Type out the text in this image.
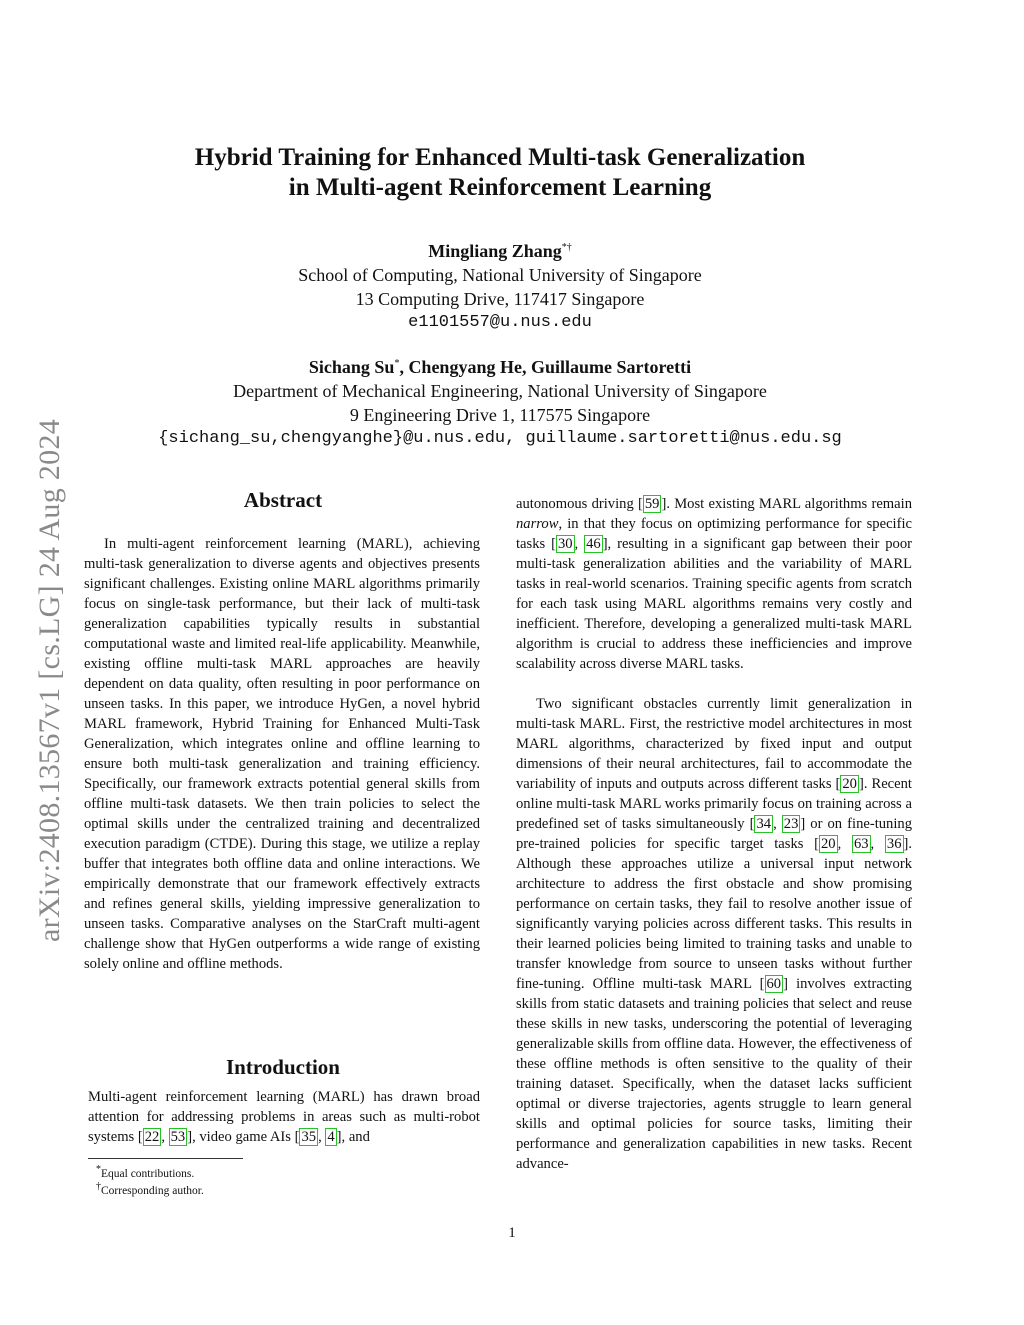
arXiv:2408.13567v1 [cs.LG] 24 Aug 2024
Hybrid Training for Enhanced Multi-task Generalization
in Multi-agent Reinforcement Learning
Mingliang Zhang*†
School of Computing, National University of Singapore
13 Computing Drive, 117417 Singapore
e1101557@u.nus.edu
Sichang Su*, Chengyang He, Guillaume Sartoretti
Department of Mechanical Engineering, National University of Singapore
9 Engineering Drive 1, 117575 Singapore
{sichang_su,chengyanghe}@u.nus.edu, guillaume.sartoretti@nus.edu.sg
Abstract

In multi-agent reinforcement learning (MARL), achieving multi-task generalization to diverse agents and objectives presents significant challenges. Existing online MARL algorithms primarily focus on single-task performance, but their lack of multi-task generalization capabilities typically results in substantial computational waste and limited real-life applicability. Meanwhile, existing offline multi-task MARL approaches are heavily dependent on data quality, often resulting in poor performance on unseen tasks. In this paper, we introduce HyGen, a novel hybrid MARL framework, Hybrid Training for Enhanced Multi-Task Generalization, which integrates online and offline learning to ensure both multi-task generalization and training efficiency. Specifically, our framework extracts potential general skills from offline multi-task datasets. We then train policies to select the optimal skills under the centralized training and decentralized execution paradigm (CTDE). During this stage, we utilize a replay buffer that integrates both offline data and online interactions. We empirically demonstrate that our framework effectively extracts and refines general skills, yielding impressive generalization to unseen tasks. Comparative analyses on the StarCraft multi-agent challenge show that HyGen outperforms a wide range of existing solely online and offline methods.

Introduction

Multi-agent reinforcement learning (MARL) has drawn broad attention for addressing problems in areas such as multi-robot systems [ 22 , 53 ], video game AIs [ 35 , 4 ], and

*Equal contributions.
†Corresponding author.

autonomous driving [ 59 ]. Most existing MARL algorithms remain narrow, in that they focus on optimizing performance for specific tasks [ 30 , 46 ], resulting in a significant gap between their poor multi-task generalization abilities and the variability of MARL tasks in real-world scenarios. Training specific agents from scratch for each task using MARL algorithms remains very costly and inefficient. Therefore, developing a generalized multi-task MARL algorithm is crucial to address these inefficiencies and improve scalability across diverse MARL tasks.

Two significant obstacles currently limit generalization in multi-task MARL. First, the restrictive model architectures in most MARL algorithms, characterized by fixed input and output dimensions of their neural architectures, fail to accommodate the variability of inputs and outputs across different tasks [ 20 ]. Recent online multi-task MARL works primarily focus on training across a predefined set of tasks simultaneously [ 34 , 23 ] or on fine-tuning pre-trained policies for specific target tasks [ 20 , 63 , 36 ]. Although these approaches utilize a universal input network architecture to address the first obstacle and show promising performance on certain tasks, they fail to resolve another issue of significantly varying policies across different tasks. This results in their learned policies being limited to training tasks and unable to transfer knowledge from source to unseen tasks without further fine-tuning. Offline multi-task MARL [ 60 ] involves extracting skills from static datasets and training policies that select and reuse these skills in new tasks, underscoring the potential of leveraging generalizable skills from offline data. However, the effectiveness of these offline methods is often sensitive to the quality of their training dataset. Specifically, when the dataset lacks sufficient optimal or diverse trajectories, agents struggle to learn general skills and optimal policies for source tasks, limiting their performance and generalization capabilities in new tasks. Recent advance-

1
